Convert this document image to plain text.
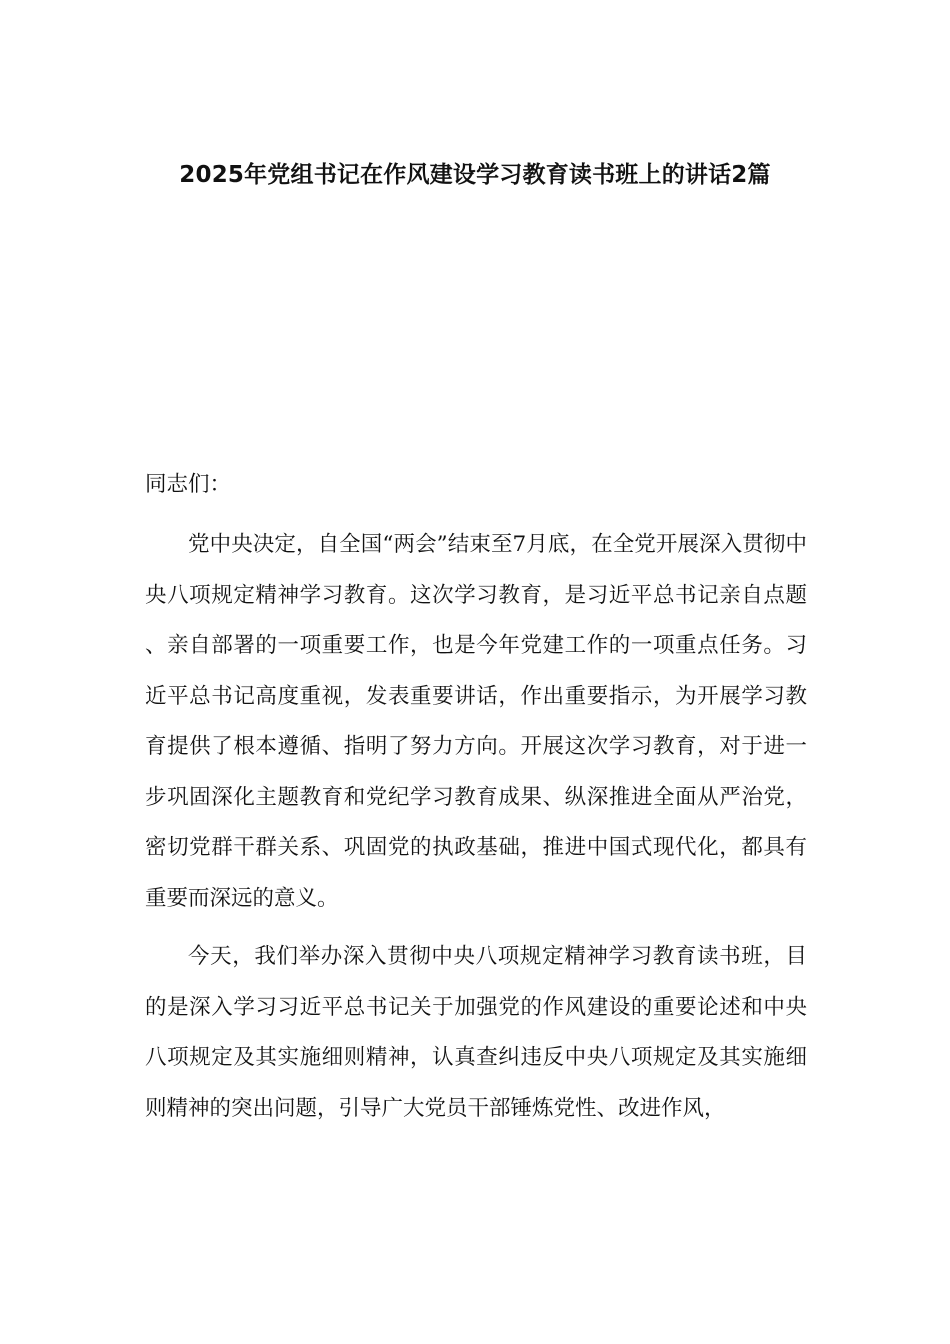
2025年党组书记在作风建设学习教育读书班上的讲话2篇

同志们：

党中央决定，自全国“两会”结束至7月底，在全党开展深入贯彻中央八项规定精神学习教育。这次学习教育，是习近平总书记亲自点题、亲自部署的一项重要工作，也是今年党建工作的一项重点任务。习近平总书记高度重视，发表重要讲话，作出重要指示，为开展学习教育提供了根本遵循、指明了努力方向。开展这次学习教育，对于进一步巩固深化主题教育和党纪学习教育成果、纵深推进全面从严治党，密切党群干群关系、巩固党的执政基础，推进中国式现代化，都具有重要而深远的意义。

今天，我们举办深入贯彻中央八项规定精神学习教育读书班，目的是深入学习习近平总书记关于加强党的作风建设的重要论述和中央八项规定及其实施细则精神，认真查纠违反中央八项规定及其实施细则精神的突出问题，引导广大党员干部锤炼党性、改进作风，
